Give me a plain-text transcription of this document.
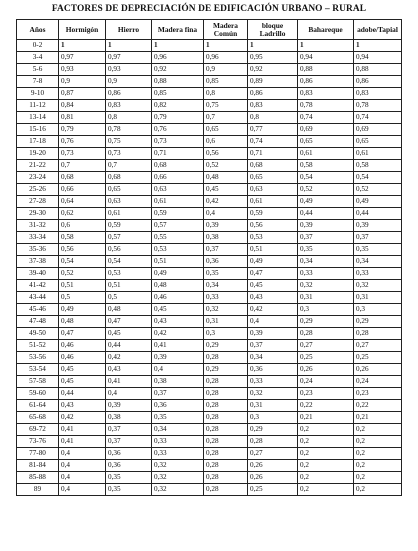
FACTORES DE DEPRECIACIÓN DE EDIFICACIÓN URBANO – RURAL
Años	Hormigón	Hierro	Madera fina	Madera Común	bloque Ladrillo	Bahareque	adobe/Tapial
0-2	1	1	1	1	1	1	1
3-4	0,97	0,97	0,96	0,96	0,95	0,94	0,94
5-6	0,93	0,93	0,92	0,9	0,92	0,88	0,88
7-8	0,9	0,9	0,88	0,85	0,89	0,86	0,86
9-10	0,87	0,86	0,85	0,8	0,86	0,83	0,83
11-12	0,84	0,83	0,82	0,75	0,83	0,78	0,78
13-14	0,81	0,8	0,79	0,7	0,8	0,74	0,74
15-16	0,79	0,78	0,76	0,65	0,77	0,69	0,69
17-18	0,76	0,75	0,73	0,6	0,74	0,65	0,65
19-20	0,73	0,73	0,71	0,56	0,71	0,61	0,61
21-22	0,7	0,7	0,68	0,52	0,68	0,58	0,58
23-24	0,68	0,68	0,66	0,48	0,65	0,54	0,54
25-26	0,66	0,65	0,63	0,45	0,63	0,52	0,52
27-28	0,64	0,63	0,61	0,42	0,61	0,49	0,49
29-30	0,62	0,61	0,59	0,4	0,59	0,44	0,44
31-32	0,6	0,59	0,57	0,39	0,56	0,39	0,39
33-34	0,58	0,57	0,55	0,38	0,53	0,37	0,37
35-36	0,56	0,56	0,53	0,37	0,51	0,35	0,35
37-38	0,54	0,54	0,51	0,36	0,49	0,34	0,34
39-40	0,52	0,53	0,49	0,35	0,47	0,33	0,33
41-42	0,51	0,51	0,48	0,34	0,45	0,32	0,32
43-44	0,5	0,5	0,46	0,33	0,43	0,31	0,31
45-46	0,49	0,48	0,45	0,32	0,42	0,3	0,3
47-48	0,48	0,47	0,43	0,31	0,4	0,29	0,29
49-50	0,47	0,45	0,42	0,3	0,39	0,28	0,28
51-52	0,46	0,44	0,41	0,29	0,37	0,27	0,27
53-56	0,46	0,42	0,39	0,28	0,34	0,25	0,25
53-54	0,45	0,43	0,4	0,29	0,36	0,26	0,26
57-58	0,45	0,41	0,38	0,28	0,33	0,24	0,24
59-60	0,44	0,4	0,37	0,28	0,32	0,23	0,23
61-64	0,43	0,39	0,36	0,28	0,31	0,22	0,22
65-68	0,42	0,38	0,35	0,28	0,3	0,21	0,21
69-72	0,41	0,37	0,34	0,28	0,29	0,2	0,2
73-76	0,41	0,37	0,33	0,28	0,28	0,2	0,2
77-80	0,4	0,36	0,33	0,28	0,27	0,2	0,2
81-84	0,4	0,36	0,32	0,28	0,26	0,2	0,2
85-88	0,4	0,35	0,32	0,28	0,26	0,2	0,2
89	0,4	0,35	0,32	0,28	0,25	0,2	0,2
